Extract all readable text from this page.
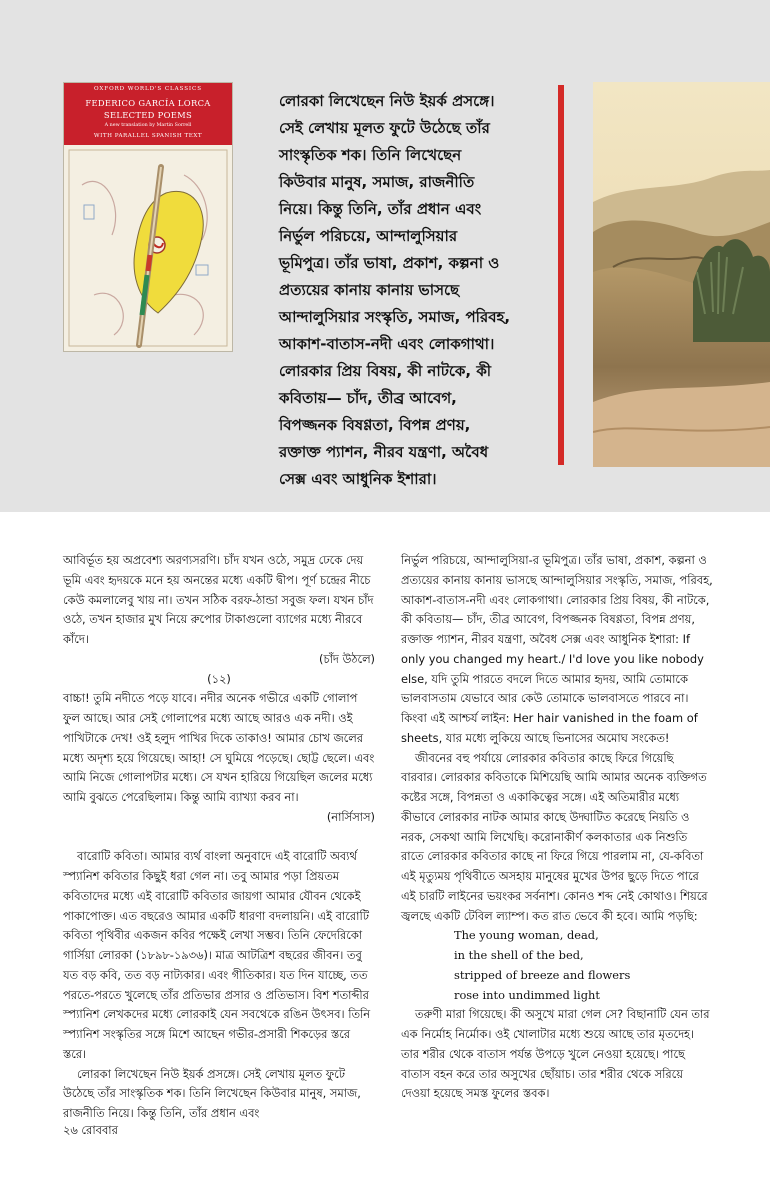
OXFORD WORLD'S CLASSICS
FEDERICO GARCÍA LORCA
SELECTED POEMS
A new translation by Martin Sorrell
WITH PARALLEL SPANISH TEXT
লোরকা লিখেছেন নিউ ইয়র্ক প্রসঙ্গে।
সেই লেখায় মূলত ফুটে উঠেছে তাঁর
সাংস্কৃতিক শক। তিনি লিখেছেন
কিউবার মানুষ, সমাজ, রাজনীতি
নিয়ে। কিন্তু তিনি, তাঁর প্রধান এবং
নির্ভুল পরিচয়ে, আন্দালুসিয়ার
ভূমিপুত্র। তাঁর ভাষা, প্রকাশ, কল্পনা ও
প্রত্যয়ের কানায় কানায় ভাসছে
আন্দালুসিয়ার সংস্কৃতি, সমাজ, পরিবহ,
আকাশ-বাতাস-নদী এবং লোকগাথা।
লোরকার প্রিয় বিষয়, কী নাটকে, কী
কবিতায়— চাঁদ, তীব্র আবেগ,
বিপজ্জনক বিষণ্ণতা, বিপন্ন প্রণয়,
রক্তাক্ত প্যাশন, নীরব যন্ত্রণা, অবৈধ
সেক্স এবং আধুনিক ইশারা।

আবির্ভূত হয় অপ্রবেশ্য অরণ্যসরণি। চাঁদ যখন ওঠে, সমুদ্র ঢেকে দেয় ভূমি এবং হৃদয়কে মনে হয় অনন্তের মধ্যে একটি দ্বীপ। পূর্ণ চন্দ্রের নীচে কেউ কমলালেবু খায় না। তখন সঠিক বরফ-ঠান্ডা সবুজ ফল। যখন চাঁদ ওঠে, তখন হাজার মুখ নিয়ে রুপোর টাকাগুলো ব্যাগের মধ্যে নীরবে কাঁদে।

(চাঁদ উঠলে)

(১২)

বাচ্চা! তুমি নদীতে পড়ে যাবে। নদীর অনেক গভীরে একটি গোলাপ ফুল আছে। আর সেই গোলাপের মধ্যে আছে আরও এক নদী। ওই পাখিটাকে দেখ! ওই হলুদ পাখির দিকে তাকাও! আমার চোখ জলের মধ্যে অদৃশ্য হয়ে গিয়েছে। আহা! সে ঘুমিয়ে পড়েছে। ছোট্ট ছেলে। এবং আমি নিজে গোলাপটার মধ্যে। সে যখন হারিয়ে গিয়েছিল জলের মধ্যে আমি বুঝতে পেরেছিলাম। কিন্তু আমি ব্যাখ্যা করব না।

(নার্সিসাস)

বারোটি কবিতা। আমার ব্যর্থ বাংলা অনুবাদে এই বারোটি অব্যর্থ স্প্যানিশ কবিতার কিছুই ধরা গেল না। তবু আমার পড়া প্রিয়তম কবিতাদের মধ্যে এই বারোটি কবিতার জায়গা আমার যৌবন থেকেই পাকাপোক্ত। এত বছরেও আমার একটি ধারণা বদলায়নি। এই বারোটি কবিতা পৃথিবীর একজন কবির পক্ষেই লেখা সম্ভব। তিনি ফেদেরিকো গার্সিয়া লোরকা (১৮৯৮-১৯৩৬)। মাত্র আটত্রিশ বছরের জীবন। তবু যত বড় কবি, তত বড় নাট্যকার। এবং গীতিকার। যত দিন যাচ্ছে, তত পরতে-পরতে খুলেছে তাঁর প্রতিভার প্রসার ও প্রতিভাস। বিশ শতাব্দীর স্প্যানিশ লেখকদের মধ্যে লোরকাই যেন সবথেকে রঙিন উৎসব। তিনি স্প্যানিশ সংস্কৃতির সঙ্গে মিশে আছেন গভীর-প্রসারী শিকড়ের স্তরে স্তরে।

লোরকা লিখেছেন নিউ ইয়র্ক প্রসঙ্গে। সেই লেখায় মূলত ফুটে উঠেছে তাঁর সাংস্কৃতিক শক। তিনি লিখেছেন কিউবার মানুষ, সমাজ, রাজনীতি নিয়ে। কিন্তু তিনি, তাঁর প্রধান এবং

নির্ভুল পরিচয়ে, আন্দালুসিয়া-র ভূমিপুত্র। তাঁর ভাষা, প্রকাশ, কল্পনা ও প্রত্যয়ের কানায় কানায় ভাসছে আন্দালুসিয়ার সংস্কৃতি, সমাজ, পরিবহ, আকাশ-বাতাস-নদী এবং লোকগাথা। লোরকার প্রিয় বিষয়, কী নাটকে, কী কবিতায়— চাঁদ, তীব্র আবেগ, বিপজ্জনক বিষণ্ণতা, বিপন্ন প্রণয়, রক্তাক্ত প্যাশন, নীরব যন্ত্রণা, অবৈধ সেক্স এবং আধুনিক ইশারা: If only you changed my heart./ I'd love you like nobody else, যদি তুমি পারতে বদলে দিতে আমার হৃদয়, আমি তোমাকে ভালবাসতাম যেভাবে আর কেউ তোমাকে ভালবাসতে পারবে না। কিংবা এই আশ্চর্য লাইন: Her hair vanished in the foam of sheets, যার মধ্যে লুকিয়ে আছে ভিনাসের অমোঘ সংকেত!

জীবনের বহু পর্যায়ে লোরকার কবিতার কাছে ফিরে গিয়েছি বারবার। লোরকার কবিতাকে মিশিয়েছি আমি আমার অনেক ব্যক্তিগত কষ্টের সঙ্গে, বিপন্নতা ও একাকিত্বের সঙ্গে। এই অতিমারীর মধ্যে কীভাবে লোরকার নাটক আমার কাছে উদ্ঘাটিত করেছে নিয়তি ও নরক, সেকথা আমি লিখেছি। করোনাকীর্ণ কলকাতার এক নিশুতি রাতে লোরকার কবিতার কাছে না ফিরে গিয়ে পারলাম না, যে-কবিতা এই মৃত্যুময় পৃথিবীতে অসহায় মানুষের মুখের উপর ছুড়ে দিতে পারে এই চারটি লাইনের ভয়ংকর সর্বনাশ। কোনও শব্দ নেই কোথাও। শিয়রে জ্বলছে একটি টেবিল ল্যাম্প। কত রাত ভেবে কী হবে। আমি পড়ছি:

The young woman, dead,

in the shell of the bed,

stripped of breeze and flowers

rose into undimmed light

তরুণী মারা গিয়েছে। কী অসুখে মারা গেল সে? বিছানাটি যেন তার এক নির্মোহ নির্মোক। ওই খোলাটার মধ্যে শুয়ে আছে তার মৃতদেহ। তার শরীর থেকে বাতাস পর্যন্ত উপড়ে খুলে নেওয়া হয়েছে। পাছে বাতাস বহন করে তার অসুখের ছোঁয়াচ। তার শরীর থেকে সরিয়ে দেওয়া হয়েছে সমস্ত ফুলের স্তবক।

২৬ রোববার
